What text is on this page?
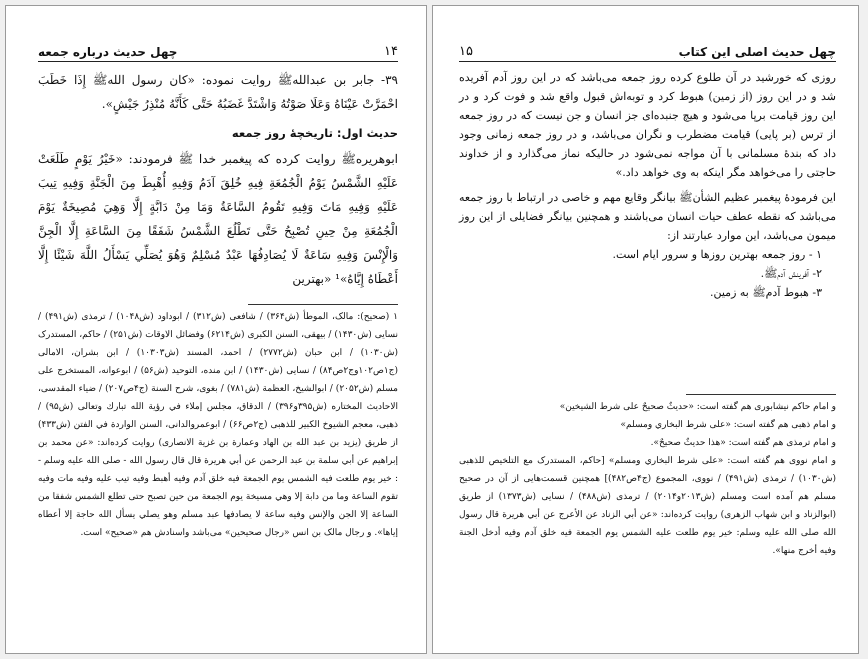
چهل حدیث اصلی این کتاب
۱۵

روزی که خورشید در آن طلوع کرده روز جمعه می‌باشد که در این روز آدم آفریده شد و در این روز (از زمین) هبوط کرد و توبه‌اش قبول واقع شد و فوت کرد و در این روز قیامت برپا می‌شود و هیچ جنبده‌ای جز انسان و جن نیست که در روز جمعه از ترس (بر پایی) قیامت مضطرب و نگران می‌باشد، و در روز جمعه زمانی وجود داد که بندهٔ مسلمانی با آن مواجه نمی‌شود در حالیکه نماز می‌گذارد و از خداوند حاجتی را می‌خواهد مگر اینکه به وی خواهد داد.»

این فرمودهٔ پیغمبر عظیم الشأنﷺ بیانگر وقایع مهم و خاصی در ارتباط با روز جمعه می‌باشد که نقطه عطف حیات انسان می‌باشند و همچنین بیانگر فضایلی از این روز میمون می‌باشد، این موارد عبارتند از:

۱ - روز جمعه بهترین روزها و سرور ایام است.

۲- آفرینش آدم‌ﷺ.

۳- هبوط آدم‌ﷺ به زمین.

و امام حاکم نیشابوری هم گفته است: «حديثٌ صحيحٌ على شرط الشيخين»

و امام ذهبی هم گفته است: «على شرط البخاري ومسلم»

و امام ترمذی هم گفته است: «هذا حديثٌ صحيحٌ».

و امام نووی هم گفته است: «على شرط البخاري ومسلم» [حاکم، المستدرک مع التلخیص للذهبی (ش۱۰۳۰) / ترمذی (ش۴۹۱) / نووی، المجموع (ج۴ص۴۸۲)] همچنین قسمت‌هایی از آن در صحیح مسلم هم آمده است ومسلم (ش۲۰۱۳و۲۰۱۴) / ترمذی (ش۴۸۸) / نسایی (ش۱۳۷۳) از طریق (ابوالزناد و ابن شهاب الزهری) روایت کرده‌اند: «عن أبي الزناد عن الأعرج عن أبي هريرة قال رسول الله صلی الله علیه وسلم: خير يوم طلعت عليه الشمس يوم الجمعة فيه خلق آدم وفيه أدخل الجنة وفيه أخرج منها».

۱۴
چهل حدیث درباره جمعه

۳۹- جابر بن عبدالله‌ﷺ روایت نموده: «کان رسول الله‌ﷺ إِذَا خَطَبَ احْمَرَّتْ عَيْنَاهُ وَعَلَا صَوْتُهُ وَاشْتَدَّ غَضَبُهُ حَتَّى كَأَنَّهُ مُنْذِرُ جَيْشٍ».

حدیث اول: تاریخچهٔ روز جمعه

ابوهریرهﷺ روایت کرده که پیغمبر خدا ﷺ فرمودند: «خَيْرُ يَوْمٍ طَلَعَتْ عَلَيْهِ الشَّمْسُ يَوْمُ الْجُمُعَةِ فِيهِ خُلِقَ آدَمُ وَفِيهِ أُهْبِطَ مِنَ الْجَنَّةِ وَفِيهِ تِيبَ عَلَيْهِ وَفِيهِ مَاتَ وَفِيهِ تَقُومُ السَّاعَةُ وَمَا مِنْ دَابَّةٍ إِلَّا وَهِيَ مُصِيخَةٌ يَوْمَ الْجُمُعَةِ مِنْ حِينِ تُصْبِحُ حَتَّى تَطْلُعَ الشَّمْسُ شَفَقًا مِنَ السَّاعَةِ إِلَّا الْجِنَّ وَالْإِنْسَ وَفِيهِ سَاعَةٌ لَا يُصَادِفُهَا عَبْدٌ مُسْلِمٌ وَهُوَ يُصَلِّي يَسْأَلُ اللَّهَ شَيْئًا إِلَّا أَعْطَاهُ إِيَّاهُ»¹ «بهترین

۱ (صحیح): مالک، الموطأ (ش۳۶۴) / شافعی (ش۳۱۲) / ابوداود (ش۱۰۴۸) / ترمذی (ش۴۹۱) / نسایی (ش۱۴۳۰) / بیهقی، السنن الکبری (ش۶۲۱۴) وفضائل الاوقات (ش۲۵۱) / حاکم، المستدرک (ش۱۰۳۰) / ابن حبان (ش۲۷۷۲) / احمد، المسند (ش۱۰۳۰۳) / ابن بشران، الامالی (ج۱ص۱۰۲وج۲ص۸۴) / نسایی (ش۱۴۳۰) / ابن منده، التوحید (ش۵۶) / ابوعوانه، المستخرج علی مسلم (ش۲۰۵۲) / ابوالشیخ، العظمة (ش۷۸۱) / بغوی، شرح السنة (ج۴ص۲۰۷) / ضیاء المقدسی، الاحادیث المختاره (ش۳۹۵و۳۹۶) / الدقاق، مجلس إملاء في رؤية الله تبارك وتعالى (ش۹۵) / ذهبی، معجم الشیوخ الکبیر للذهبی (ج۲ص۶۶) / ابوعمروالدانی، السنن الواردة في الفتن (ش۴۳۳) از طریق (یزید بن عبد الله بن الهاد وعمارة بن غزیة الانصاری) روایت کرده‌اند: «عن محمد بن إبراهيم عن أبي سلمة بن عبد الرحمن عن أبي هريرة قال قال رسول الله - صلی الله علیه وسلم - : خير يوم طلعت فيه الشمس يوم الجمعة فيه خلق آدم وفيه أهبط وفيه تيب عليه وفيه مات وفيه تقوم الساعة وما من دابة إلا وهي مسيخة يوم الجمعة من حين تصبح حتى تطلع الشمس شفقا من الساعة إلا الجن والإنس وفيه ساعة لا يصادفها عبد مسلم وهو يصلي يسأل الله حاجة إلا أعطاه إياها». و رجال مالک بن انس «رجال صحیحین» می‌باشد واسنادش هم «صحیح» است.
